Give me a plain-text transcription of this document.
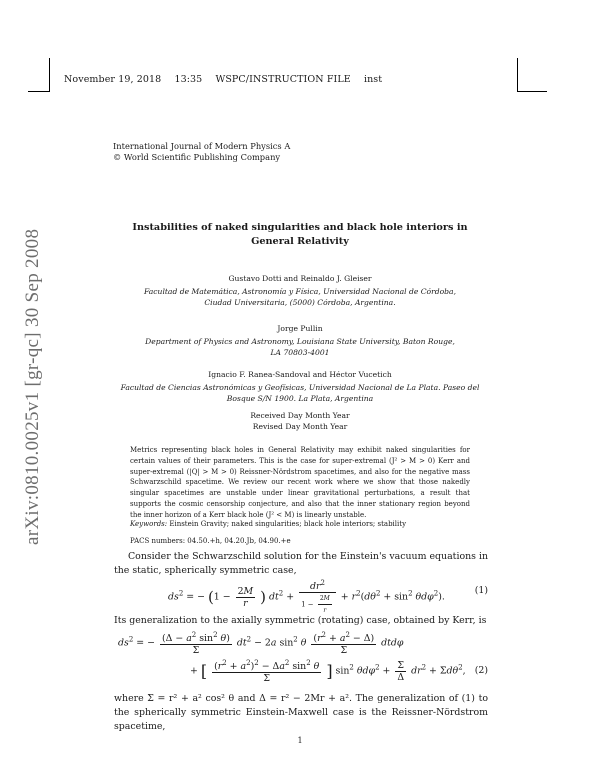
November 19, 2018 13:35 WSPC/INSTRUCTION FILE inst
International Journal of Modern Physics A
© World Scientific Publishing Company
arXiv:0810.0025v1 [gr-qc] 30 Sep 2008
Instabilities of naked singularities and black hole interiors in General Relativity
Gustavo Dotti and Reinaldo J. Gleiser
Facultad de Matemática, Astronomía y Física, Universidad Nacional de Córdoba, Ciudad Universitaria, (5000) Córdoba, Argentina.
Jorge Pullin
Department of Physics and Astronomy, Louisiana State University, Baton Rouge, LA 70803-4001
Ignacio F. Ranea-Sandoval and Héctor Vucetich
Facultad de Ciencias Astronómicas y Geofísicas, Universidad Nacional de La Plata. Paseo del Bosque S/N 1900. La Plata, Argentina
Received Day Month Year
Revised Day Month Year
Metrics representing black holes in General Relativity may exhibit naked singularities for certain values of their parameters. This is the case for super-extremal (J² > M > 0) Kerr and super-extremal (|Q| > M > 0) Reissner-Nördstrom spacetimes, and also for the negative mass Schwarzschild spacetime. We review our recent work where we show that those nakedly singular spacetimes are unstable under linear gravitational perturbations, a result that supports the cosmic censorship conjecture, and also that the inner stationary region beyond the inner horizon of a Kerr black hole (J² < M) is linearly unstable.
Keywords: Einstein Gravity; naked singularities; black hole interiors; stability
PACS numbers: 04.50.+h, 04.20.Jb, 04.90.+e
Consider the Schwarzschild solution for the Einstein's vacuum equations in the static, spherically symmetric case,
$ds^2$ = − ($1 - \frac{2M}{r}$ ) $dt^2 + \frac{dr^2}{1 - \frac{2M}{r}} + r^2(d\theta^2 + \sin^2 \theta d\varphi^2)$.
(1)
Its generalization to the axially symmetric (rotating) case, obtained by Kerr, is
$ds^2$ = − $\frac{(\Delta - a^2 \sin^2 \theta)}{\Sigma} dt^2 - 2a$ $\sin^2 \theta \frac{(r^2 + a^2 - \Delta)}{\Sigma}$ dtdφ
+ [ $\frac{(r^2 + a^2)^2 - \Delta a^2 \sin^2 \theta}{\Sigma}$ ] $\sin^2 \theta d\varphi^2 + \frac{\Sigma}{\Delta} dr^2 + \Sigma d\theta^2$, (2)
where Σ = r² + a² cos² θ and Δ = r² − 2Mr + a². The generalization of (1) to the spherically symmetric Einstein-Maxwell case is the Reissner-Nördstrom spacetime,
1
